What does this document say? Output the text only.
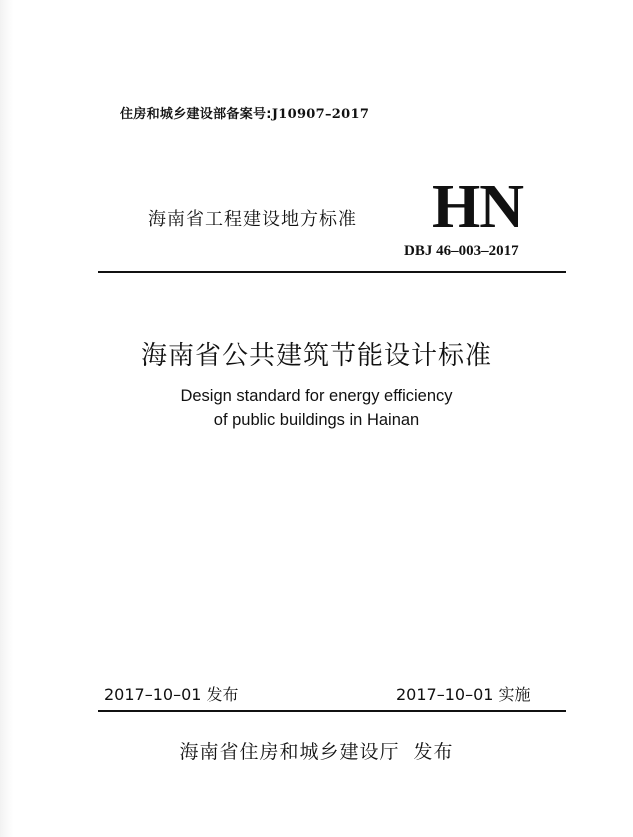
住房和城乡建设部备案号:J10907–2017
海南省工程建设地方标准 HN
DBJ 46–003–2017
海南省公共建筑节能设计标准
Design standard for energy efficiency
of public buildings in Hainan
2017–10–01 发布	2017–10–01 实施
海南省住房和城乡建设厅  发布
